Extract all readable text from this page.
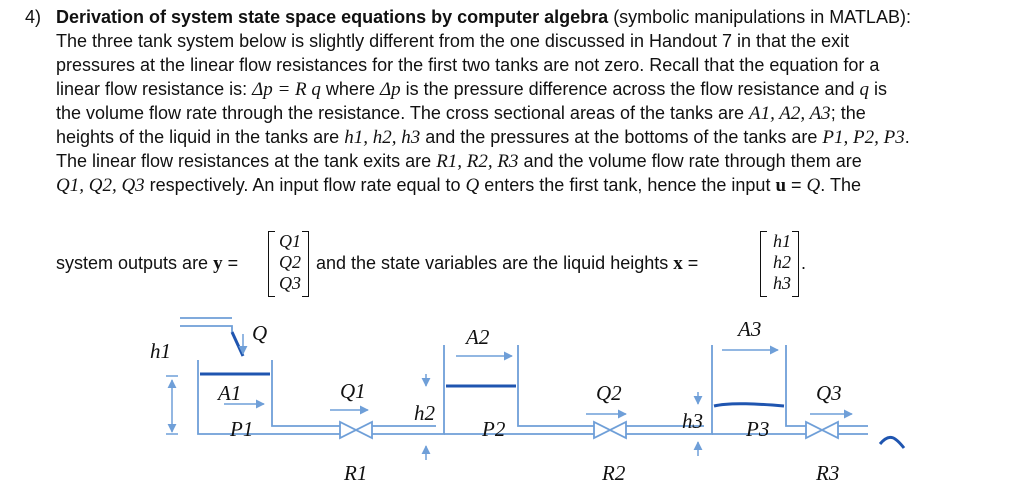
4) Derivation of system state space equations by computer algebra (symbolic manipulations in MATLAB):
The three tank system below is slightly different from the one discussed in Handout 7 in that the exit
pressures at the linear flow resistances for the first two tanks are not zero. Recall that the equation for a
linear flow resistance is: Δp = R q where Δp is the pressure difference across the flow resistance and q is
the volume flow rate through the resistance. The cross sectional areas of the tanks are A1, A2, A3; the
heights of the liquid in the tanks are h1, h2, h3 and the pressures at the bottoms of the tanks are P1, P2, P3.
The linear flow resistances at the tank exits are R1, R2, R3 and the volume flow rate through them are
Q1, Q2, Q3 respectively. An input flow rate equal to Q enters the first tank, hence the input u = Q. The
system outputs are y =
Q1
Q2
Q3
and the state variables are the liquid heights x =
h1
h2
h3
.
h1
Q
A1
P1
Q1
R1
A2
h2
P2
Q2
R2
A3
h3 P3
Q3
R3
